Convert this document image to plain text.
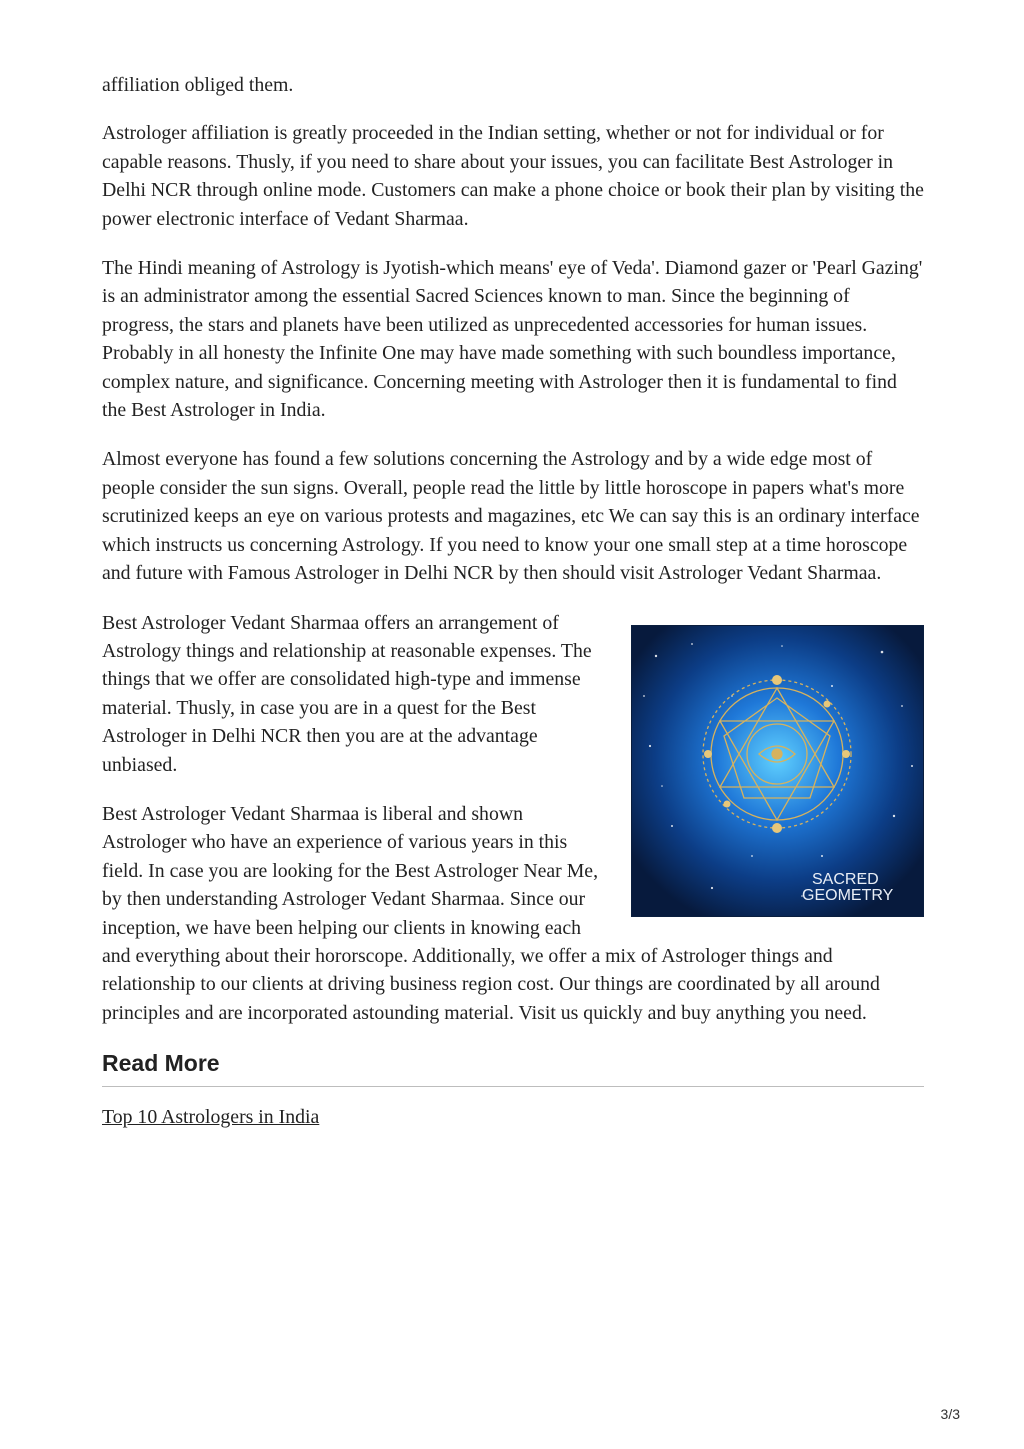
affiliation obliged them.

Astrologer affiliation is greatly proceeded in the Indian setting, whether or not for individual or for capable reasons. Thusly, if you need to share about your issues, you can facilitate Best Astrologer in Delhi NCR through online mode. Customers can make a phone choice or book their plan by visiting the power electronic interface of Vedant Sharmaa.

The Hindi meaning of Astrology is Jyotish-which means' eye of Veda'. Diamond gazer or 'Pearl Gazing' is an administrator among the essential Sacred Sciences known to man. Since the beginning of progress, the stars and planets have been utilized as unprecedented accessories for human issues. Probably in all honesty the Infinite One may have made something with such boundless importance, complex nature, and significance. Concerning meeting with Astrologer then it is fundamental to find the Best Astrologer in India.

Almost everyone has found a few solutions concerning the Astrology and by a wide edge most of people consider the sun signs. Overall, people read the little by little horoscope in papers what's more scrutinized keeps an eye on various protests and magazines, etc We can say this is an ordinary interface which instructs us concerning Astrology. If you need to know your one small step at a time horoscope and future with Famous Astrologer in Delhi NCR by then should visit Astrologer Vedant Sharmaa.

SACRED
GEOMETRY

Best Astrologer Vedant Sharmaa offers an arrangement of Astrology things and relationship at reasonable expenses. The things that we offer are consolidated high-type and immense material. Thusly, in case you are in a quest for the Best Astrologer in Delhi NCR then you are at the advantage unbiased.

Best Astrologer Vedant Sharmaa is liberal and shown Astrologer who have an experience of various years in this field. In case you are looking for the Best Astrologer Near Me, by then understanding Astrologer Vedant Sharmaa. Since our inception, we have been helping our clients in knowing each and everything about their hororscope. Additionally, we offer a mix of Astrologer things and relationship to our clients at driving business region cost. Our things are coordinated by all around principles and are incorporated astounding material. Visit us quickly and buy anything you need.

Read More
Top 10 Astrologers in India
3/3
